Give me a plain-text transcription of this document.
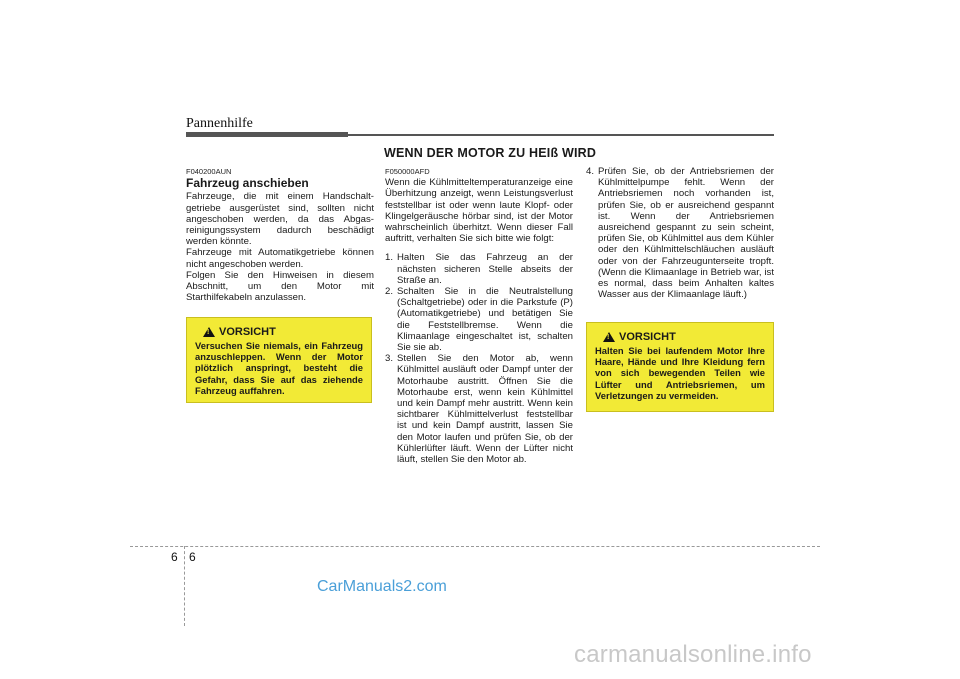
Pannenhilfe
WENN DER MOTOR ZU HEIß WIRD
F040200AUN
Fahrzeug anschieben

Fahrzeuge, die mit einem Handschaltgetriebe ausgerüstet sind, sollten nicht angeschoben werden, da das Abgasreinigungssystem dadurch beschädigt werden könnte.

Fahrzeuge mit Automatikgetriebe können nicht angeschoben werden.

Folgen Sie den Hinweisen in diesem Abschnitt, um den Motor mit Starthilfekabeln anzulassen.

! VORSICHT
Versuchen Sie niemals, ein Fahrzeug anzuschleppen. Wenn der Motor plötzlich anspringt, besteht die Gefahr, dass Sie auf das ziehende Fahrzeug auffahren.
F050000AFD

Wenn die Kühlmitteltemperaturanzeige eine Überhitzung anzeigt, wenn Leistungsverlust feststellbar ist oder wenn laute Klopf- oder Klingelgeräusche hörbar sind, ist der Motor wahrscheinlich überhitzt. Wenn dieser Fall auftritt, verhalten Sie sich bitte wie folgt:

1. Halten Sie das Fahrzeug an der nächsten sicheren Stelle abseits der Straße an.
2. Schalten Sie in die Neutralstellung (Schaltgetriebe) oder in die Parkstufe (P) (Automatikgetriebe) und betätigen Sie die Feststellbremse. Wenn die Klimaanlage eingeschaltet ist, schalten Sie sie ab.
3. Stellen Sie den Motor ab, wenn Kühlmittel ausläuft oder Dampf unter der Motorhaube austritt. Öffnen Sie die Motorhaube erst, wenn kein Kühlmittel und kein Dampf mehr austritt. Wenn kein sichtbarer Kühlmittelverlust feststellbar ist und kein Dampf austritt, lassen Sie den Motor laufen und prüfen Sie, ob der Kühlerlüfter läuft. Wenn der Lüfter nicht läuft, stellen Sie den Motor ab.
4. Prüfen Sie, ob der Antriebsriemen der Kühlmittelpumpe fehlt. Wenn der Antriebsriemen noch vorhanden ist, prüfen Sie, ob er ausreichend gespannt ist. Wenn der Antriebsriemen ausreichend gespannt zu sein scheint, prüfen Sie, ob Kühlmittel aus dem Kühler oder den Kühlmittelschläuchen ausläuft oder von der Fahrzeugunterseite tropft. (Wenn die Klimaanlage in Betrieb war, ist es normal, dass beim Anhalten kaltes Wasser aus der Klimaanlage läuft.)
! VORSICHT
Halten Sie bei laufendem Motor Ihre Haare, Hände und Ihre Kleidung fern von sich bewegenden Teilen wie Lüfter und Antriebsriemen, um Verletzungen zu vermeiden.
6 6
CarManuals2.com
carmanualsonline.info
